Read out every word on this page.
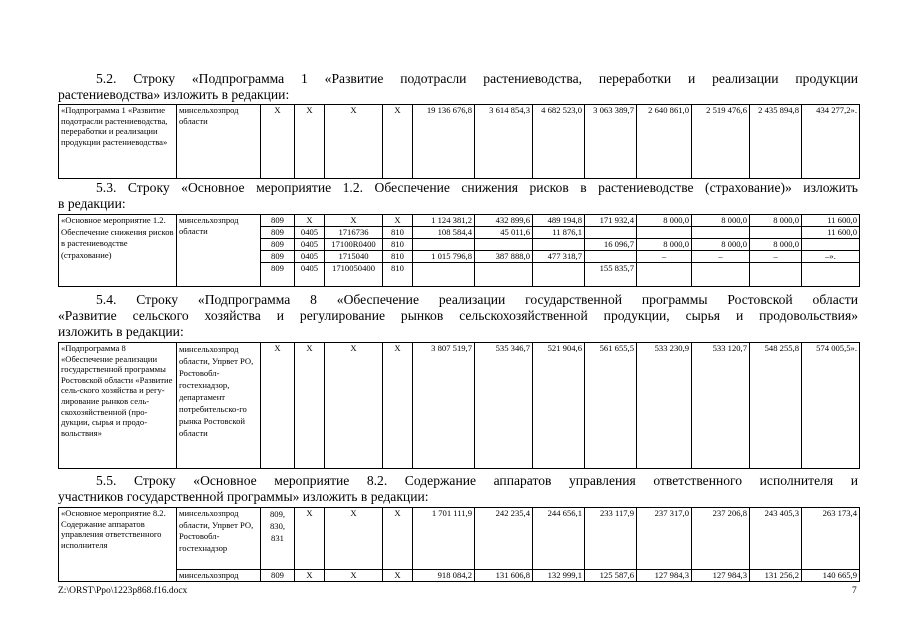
5.2. Строку «Подпрограмма 1 «Развитие подотрасли растениеводства, переработки и реализации продукции
растениеводства» изложить в редакции:
«Подпрограмма 1 «Развитие подотрасли растениеводства, переработки и реализации продукции растениеводства»	минсельхозпрод области	Х	Х	Х	Х	19 136 676,8	3 614 854,3	4 682 523,0	3 063 389,7	2 640 861,0	2 519 476,6	2 435 894,8	434 277,2».
5.3. Строку «Основное мероприятие 1.2. Обеспечение снижения рисков в растениеводстве (страхование)» изложить
в редакции:
«Основное мероприятие 1.2. Обеспечение снижения рисков в растениеводстве (страхование)	минсельхозпрод области	809	Х	Х	Х	1 124 381,2	432 899,6	489 194,8	171 932,4	8 000,0	8 000,0	8 000,0	11 600,0
		809	0405	1716736	810	108 584,4	45 011,6	11 876,1					11 600,0
		809	0405	17100R0400	810				16 096,7	8 000,0	8 000,0	8 000,0	
		809	0405	1715040	810	1 015 796,8	387 888,0	477 318,7		–	–	–	–».
		809	0405	1710050400	810				155 835,7				
5.4. Строку «Подпрограмма 8 «Обеспечение реализации государственной программы Ростовской области
«Развитие сельского хозяйства и регулирование рынков сельскохозяйственной продукции, сырья и продовольствия»
изложить в редакции:
«Подпрограмма 8 «Обеспечение реализации государственной программы Ростовской области «Развитие сель-ского хозяйства и регу-лирование рынков сель-скохозяйственной (про-дукции, сырья и продо-вольствия»	минсельхозпрод области, Упрвет РО, Ростовобл-гостехнадзор, департамент потребительско-го рынка Ростовской области	Х	Х	Х	Х	3 807 519,7	535 346,7	521 904,6	561 655,5	533 230,9	533 120,7	548 255,8	574 005,5».
5.5. Строку «Основное мероприятие 8.2. Содержание аппаратов управления ответственного исполнителя и
участников государственной программы» изложить в редакции:
«Основное мероприятие 8.2. Содержание аппаратов управления ответственного исполнителя	минсельхозпрод области, Упрвет РО, Ростовобл-гостехнадзор	809, 830, 831	Х	Х	Х	1 701 111,9	242 235,4	244 656,1	233 117,9	237 317,0	237 206,8	243 405,3	263 173,4
	минсельхозпрод	809	Х	Х	Х	918 084,2	131 606,8	132 999,1	125 587,6	127 984,3	127 984,3	131 256,2	140 665,9
Z:\ORST\Ppo\1223p868.f16.docx	7
